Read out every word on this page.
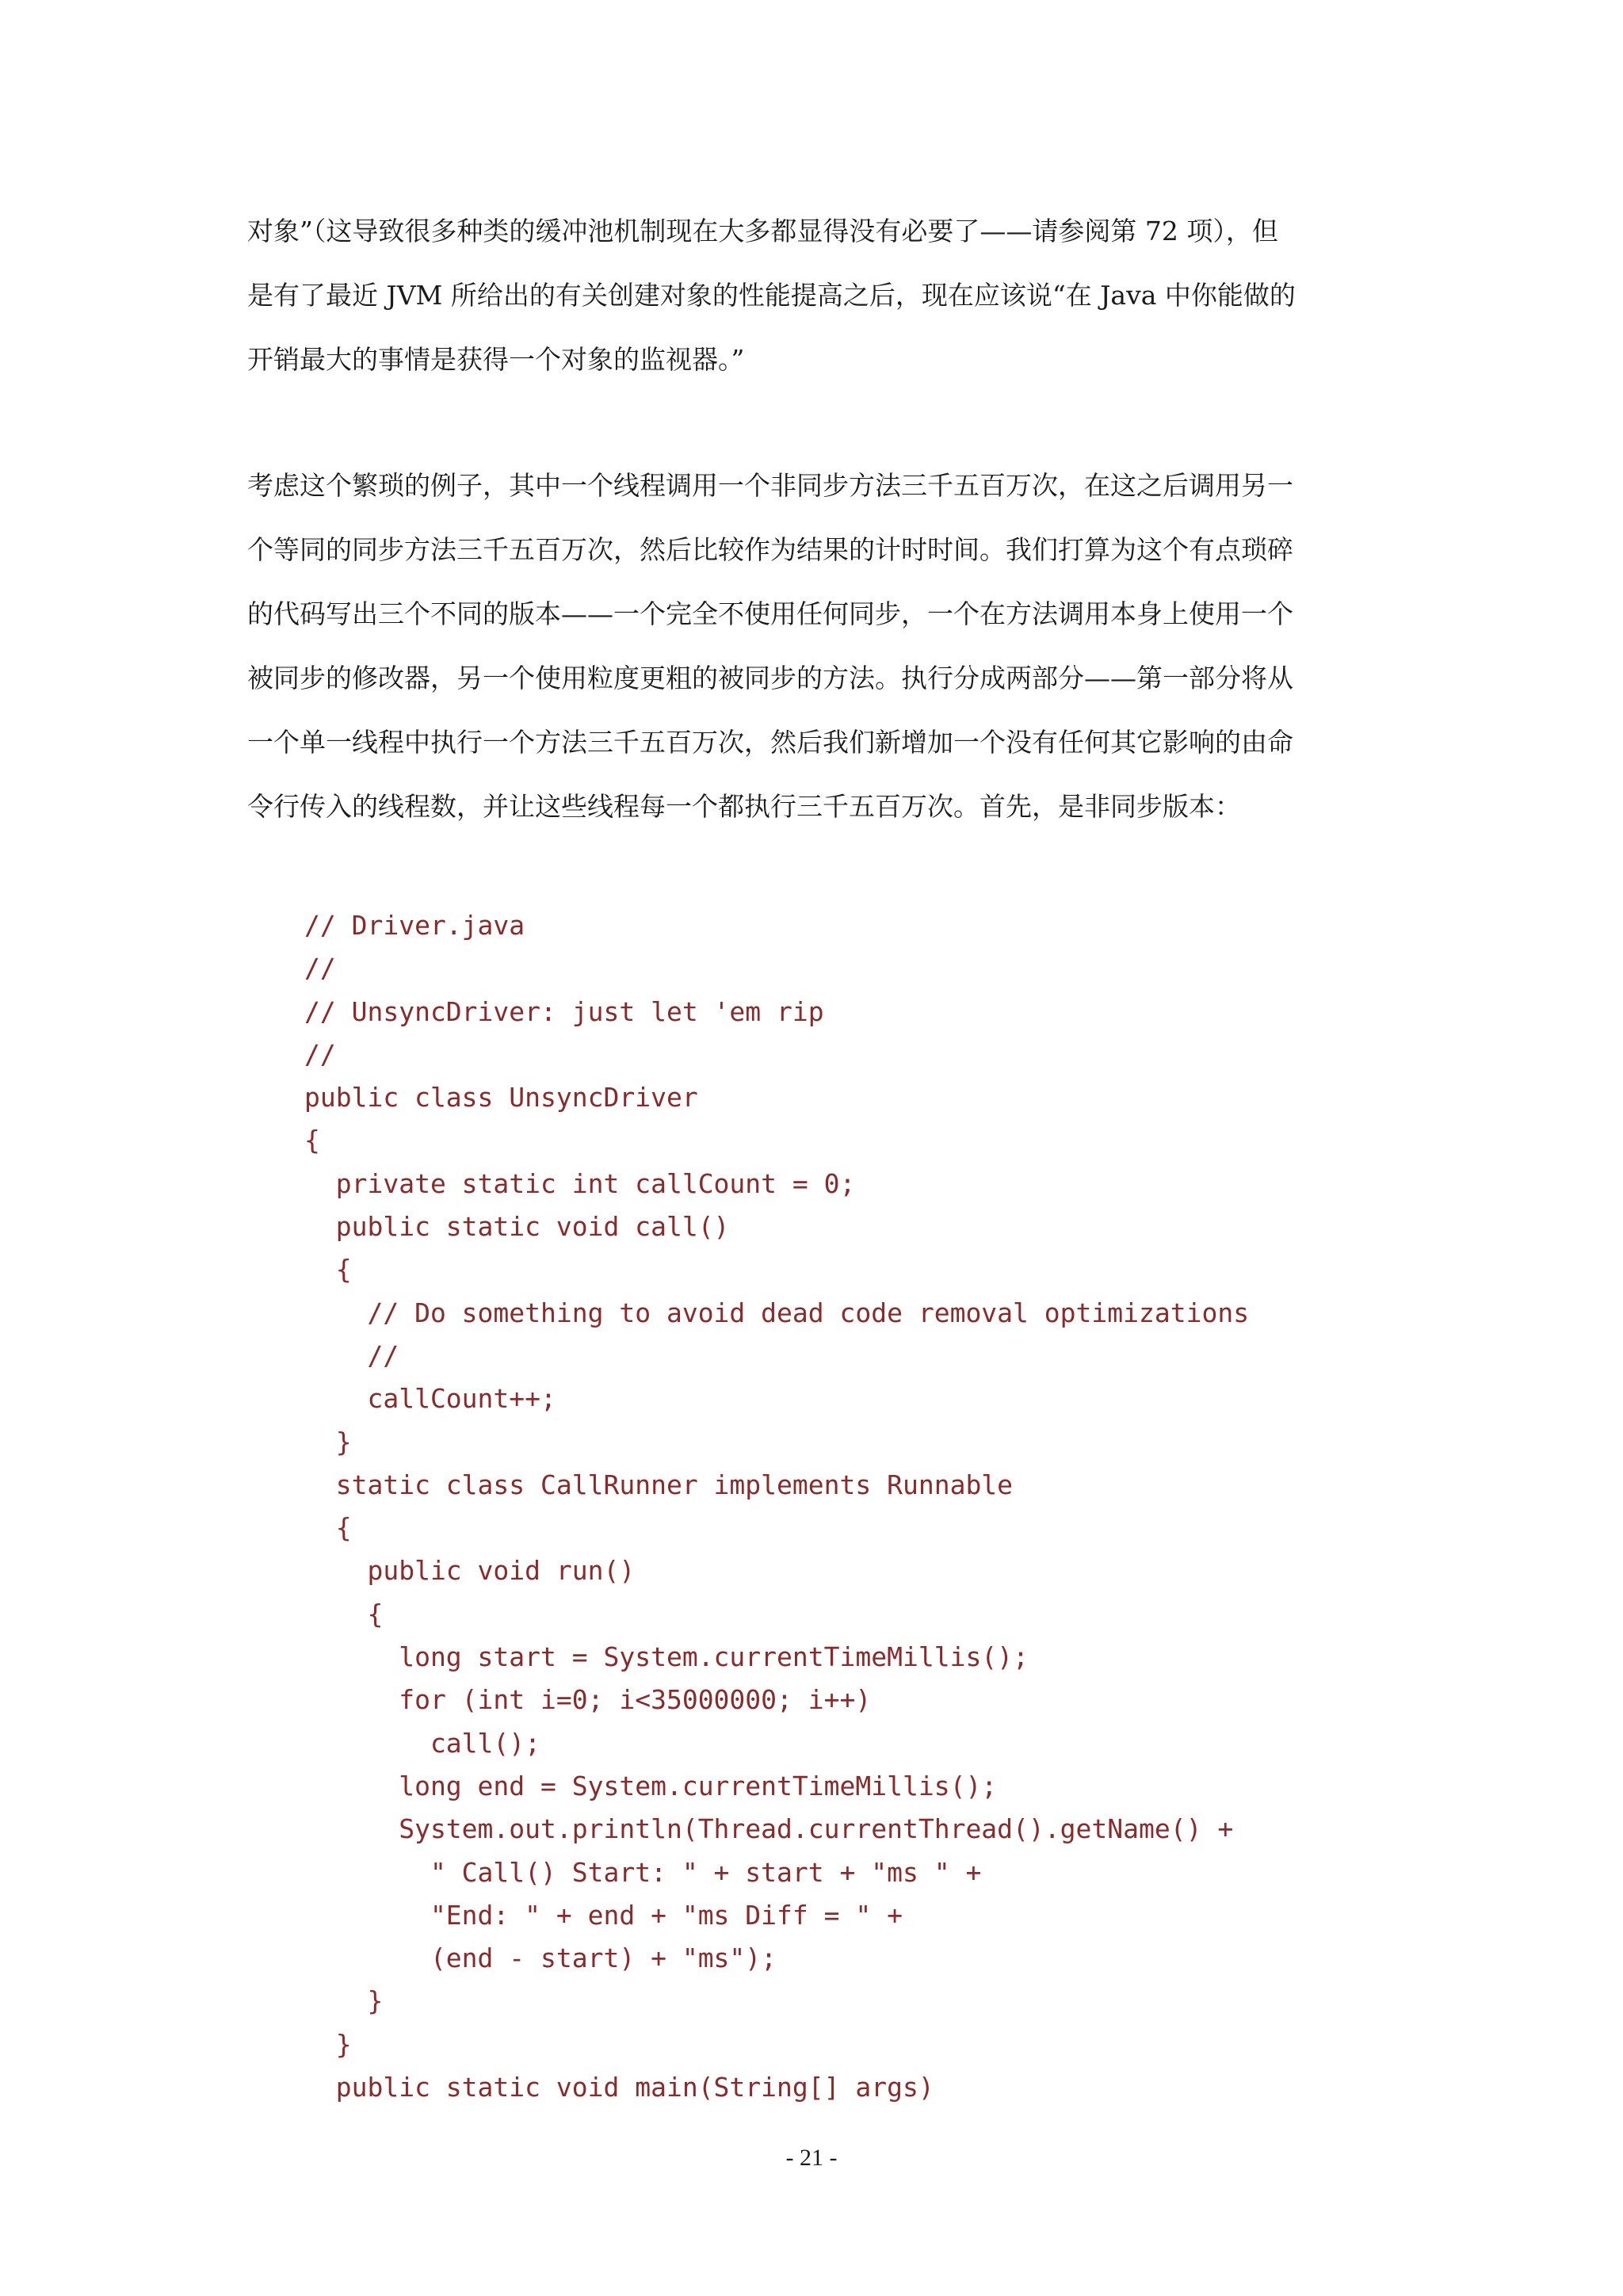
对象”（这导致很多种类的缓冲池机制现在大多都显得没有必要了——请参阅第 72 项），但
是有了最近 JVM 所给出的有关创建对象的性能提高之后，现在应该说“在 Java 中你能做的
开销最大的事情是获得一个对象的监视器。”

考虑这个繁琐的例子，其中一个线程调用一个非同步方法三千五百万次，在这之后调用另一
个等同的同步方法三千五百万次，然后比较作为结果的计时时间。我们打算为这个有点琐碎
的代码写出三个不同的版本——一个完全不使用任何同步，一个在方法调用本身上使用一个
被同步的修改器，另一个使用粒度更粗的被同步的方法。执行分成两部分——第一部分将从
一个单一线程中执行一个方法三千五百万次，然后我们新增加一个没有任何其它影响的由命
令行传入的线程数，并让这些线程每一个都执行三千五百万次。首先，是非同步版本：

// Driver.java
//
// UnsyncDriver: just let 'em rip
//
public class UnsyncDriver
{
private static int callCount = 0;
public static void call()
{
// Do something to avoid dead code removal optimizations
//
callCount++;
}
static class CallRunner implements Runnable
{
public void run()
{
long start = System.currentTimeMillis();
for (int i=0; i<35000000; i++)
call();
long end = System.currentTimeMillis();
System.out.println(Thread.currentThread().getName() +
" Call() Start: " + start + "ms " +
"End: " + end + "ms Diff = " +
(end - start) + "ms");
}
}
public static void main(String[] args)
- 21 -
